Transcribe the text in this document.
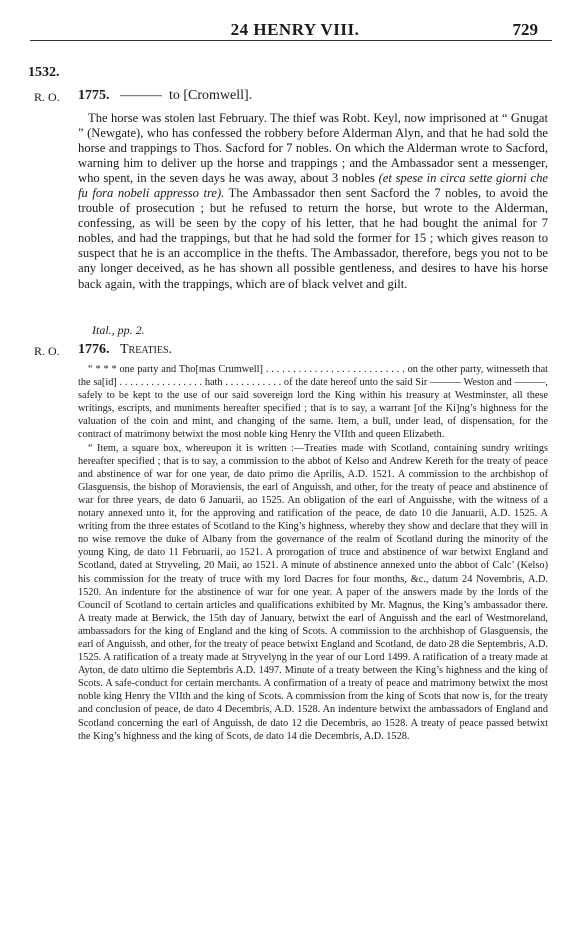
24 HENRY VIII.	729
1532.
R. O. 1775. ——— to [Cromwell].

The horse was stolen last February. The thief was Robt. Keyl, now imprisoned at “ Gnugat ” (Newgate), who has confessed the robbery before Alderman Alyn, and that he had sold the horse and trappings to Thos. Sacford for 7 nobles. On which the Alderman wrote to Sacford, warning him to deliver up the horse and trappings ; and the Ambassador sent a messenger, who spent, in the seven days he was away, about 3 nobles (et spese in circa sette giorni che fu fora nobeli appresso tre). The Ambassador then sent Sacford the 7 nobles, to avoid the trouble of prosecution ; but he refused to return the horse, but wrote to the Alderman, confessing, as will be seen by the copy of his letter, that he had bought the animal for 7 nobles, and had the trappings, but that he had sold the former for 15 ; which gives reason to suspect that he is an accomplice in the thefts. The Ambassador, therefore, begs you not to be any longer deceived, as he has shown all possible gentleness, and desires to have his horse back again, with the trappings, which are of black velvet and gilt.

Ital., pp. 2.
R. O. 1776. Treaties.

“ * * * one party and Tho[mas Crumwell] . . . . . . . . . . . . . . . . . . . . . . . . . . on the other party, witnesseth that the sa[id] . . . . . . . . . . . . . . . . hath . . . . . . . . . . . of the date hereof unto the said Sir ——— Weston and ———, safely to be kept to the use of our said sovereign lord the King within his treasury at Westminster, all these writings, escripts, and muniments hereafter specified ; that is to say, a warrant [of the Ki]ng’s highness for the valuation of the coin and mint, and changing of the same. Item, a bull, under lead, of dispensation, for the contract of matrimony betwixt the most noble king Henry the VIIth and queen Elizabeth.

“ Item, a square box, whereupon it is written :—Treaties made with Scotland, containing sundry writings hereafter specified ; that is to say, a commission to the abbot of Kelso and Andrew Kereth for the treaty of peace and abstinence of war for one year, de dato primo die Aprilis, A.D. 1521. A commission to the archbishop of Glasguensis, the bishop of Moraviensis, the earl of Anguissh, and other, for the treaty of peace and abstinence of war for three years, de dato 6 Januarii, ao 1525. An obligation of the earl of Anguisshe, with the witness of a notary annexed unto it, for the approving and ratification of the peace, de dato 10 die Januarii, A.D. 1525. A writing from the three estates of Scotland to the King’s highness, whereby they show and declare that they will in no wise remove the duke of Albany from the governance of the realm of Scotland during the minority of the young King, de dato 11 Februarii, ao 1521. A prorogation of truce and abstinence of war betwixt England and Scotland, dated at Stryveling, 20 Maii, ao 1521. A minute of abstinence annexed unto the abbot of Calc’ (Kelso) his commission for the treaty of truce with my lord Dacres for four months, &c., datum 24 Novembris, A.D. 1520. An indenture for the abstinence of war for one year. A paper of the answers made by the lords of the Council of Scotland to certain articles and qualifications exhibited by Mr. Magnus, the King’s ambassador there. A treaty made at Berwick, the 15th day of January, betwixt the earl of Anguissh and the earl of Westmoreland, ambassadors for the king of England and the king of Scots. A commission to the archbishop of Glasguensis, the earl of Anguissh, and other, for the treaty of peace betwixt England and Scotland, de dato 28 die Septembris, A.D. 1525. A ratification of a treaty made at Stryvelyng in the year of our Lord 1499. A ratification of a treaty made at Ayton, de dato ultimo die Septembris A.D. 1497. Minute of a treaty between the King’s highness and the king of Scots. A safe-conduct for certain merchants. A confirmation of a treaty of peace and matrimony betwixt the most noble king Henry the VIIth and the king of Scots. A commission from the king of Scots that now is, for the treaty and conclusion of peace, de dato 4 Decembris, A.D. 1528. An indenture betwixt the ambassadors of England and Scotland concerning the earl of Anguissh, de dato 12 die Decembris, ao 1528. A treaty of peace passed betwixt the King’s highness and the king of Scots, de dato 14 die Decembris, A.D. 1528.
